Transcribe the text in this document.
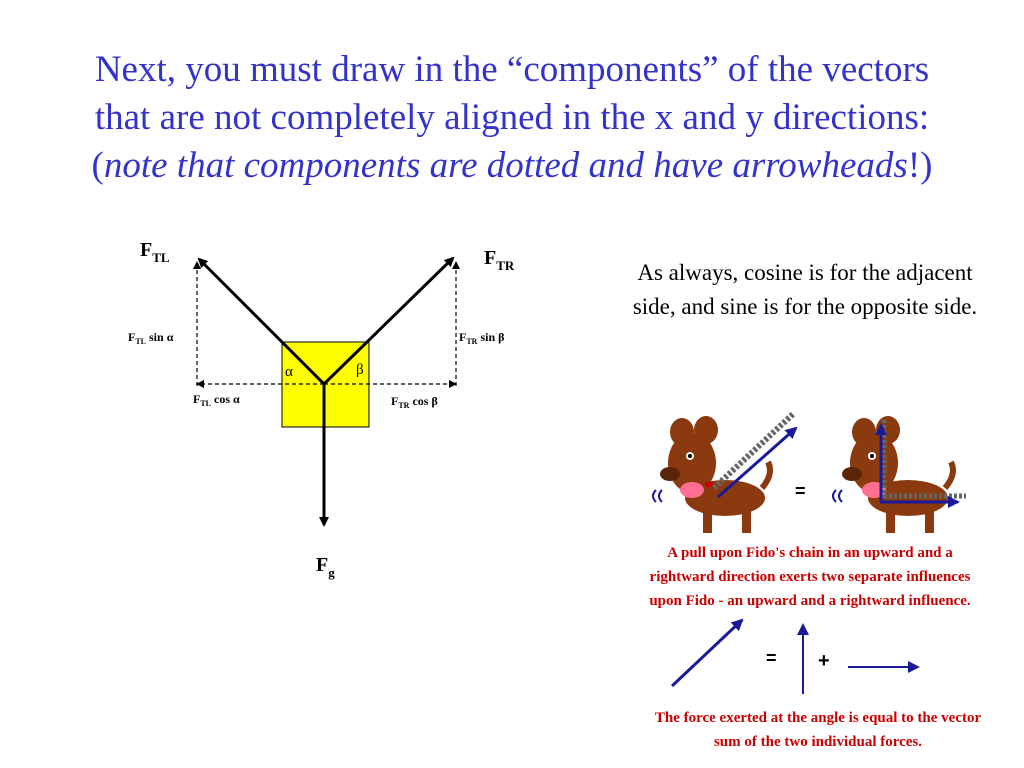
Next, you must draw in the “components” of the vectors
that are not completely aligned in the x and y directions:
(note that components are dotted and have arrowheads!)
$F_{TL}$	$F_{TR}$
$F_g$
α	β
$F_{TL}$ sin α	$F_{TR}$ sin β
$F_{TL}$ cos α	$F_{TR}$ cos β
=
A pull upon Fido's chain in an upward and a
rightward direction exerts two separate influences
upon Fido - an upward and a rightward influence.
= +
The force exerted at the angle is equal to the vector
sum of the two individual forces.
As always, cosine is for the adjacent side, and sine is for the opposite side.
